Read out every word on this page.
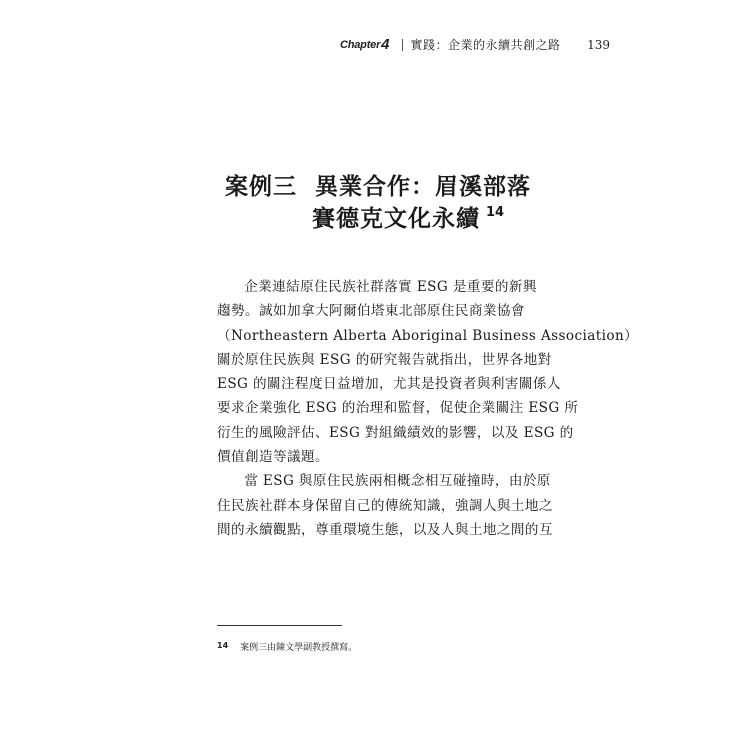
Chapter 4 實踐：企業的永續共創之路 139
案例三 異業合作：眉溪部落
賽德克文化永續 $^{14}$

企業連結原住民族社群落實 ESG 是重要的新興
趨勢。誠如加拿大阿爾伯塔東北部原住民商業協會
（Northeastern Alberta Aboriginal Business Association）
關於原住民族與 ESG 的研究報告就指出，世界各地對
ESG 的關注程度日益增加，尤其是投資者與利害關係人
要求企業強化 ESG 的治理和監督，促使企業關注 ESG 所
衍生的風險評估、ESG 對組織績效的影響，以及 ESG 的
價值創造等議題。

當 ESG 與原住民族兩相概念相互碰撞時，由於原
住民族社群本身保留自己的傳統知識，強調人與土地之
間的永續觀點，尊重環境生態，以及人與土地之間的互

14 案例三由陳文學副教授撰寫。
